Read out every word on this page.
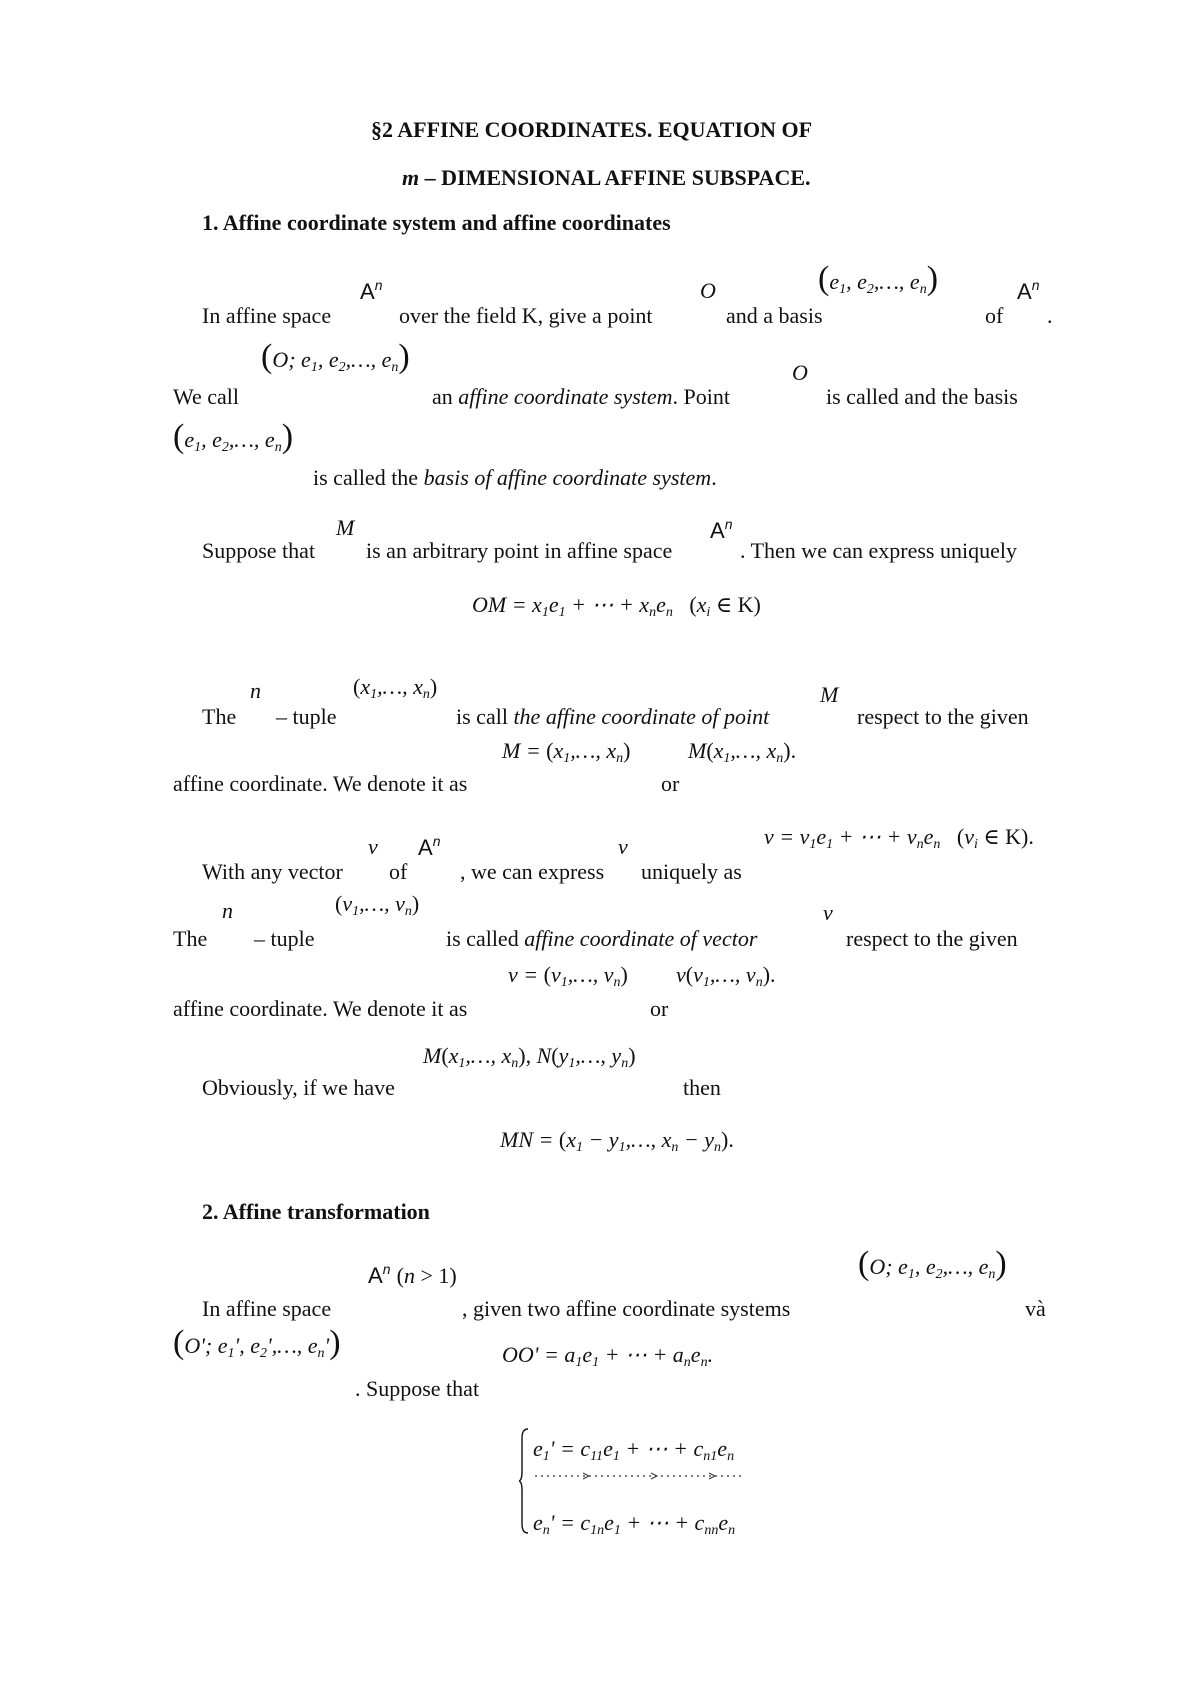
§2 AFFINE COORDINATES. EQUATION OF
m – DIMENSIONAL AFFINE SUBSPACE.
1. Affine coordinate system and affine coordinates
$A^n$	O	($e_1$, $e_2,\dots$, $e_n$)	$A^n$
In affine space	over the field K, give a point	and a basis	of .
(O; $e_1$, $e_2,\dots$, $e_n$)	O
We call	an affine coordinate system. Point	is called and the basis
($e_1$, $e_2,\dots$, $e_n$)
is called the basis of affine coordinate system.
M	$A^n$
Suppose that is an arbitrary point in affine space	. Then we can express uniquely
OM = $x_1e_1$ + ⋯ + $x_ne_n$ ($x_i$ ∈ K)
n	($x_1,\dots$, $x_n$)	M
The – tuple	is call the affine coordinate of point	respect to the given
$M = (x_1,\dots$, $x_n$)	$M(x_1,\dots$, $x_n$).
affine coordinate. We denote it as	or
v $A^n$	v	$v = v_1e_1$ + ⋯ + $v_ne_n$ ($v_i$ ∈ K).
With any vector of , we can express uniquely as
n	($v_1,\dots$, $v_n$)	v
The – tuple	is called affine coordinate of vector	respect to the given
$v = (v_1,\dots$, $v_n$) $v(v_1,\dots$, $v_n$).
affine coordinate. We denote it as	or
$M(x_1,\dots$, $x_n$), $N(y_1,\dots$, $y_n$)
Obviously, if we have	then
MN = ($x_1$ − $y_1,\dots$, $x_n - y_n$).
2. Affine transformation
$A^n$ (n > 1)	(O; $e_1$, $e_2,\dots$, $e_n$)
In affine space	, given two affine coordinate systems	và
(O'; $e_1'$, $e_2',\dots$, $e_n'$)	$OO' = a_1e_1$ + ⋯ + $a_ne_n$.
. Suppose that
$e_1' = c_{11}e_1$ + ⋯ + $c_{n1}e_n$
$e_n' = c_{1n}e_1$ + ⋯ + $c_{nn}e_n$
